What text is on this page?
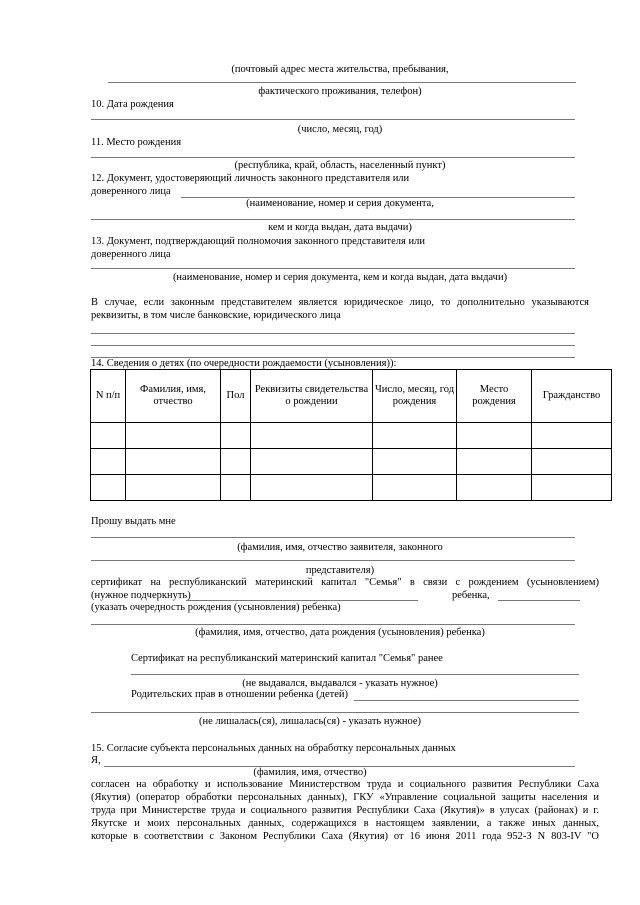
(почтовый адрес места жительства, пребывания,
фактического проживания, телефон)
10. Дата рождения
(число, месяц, год)
11. Место рождения
(республика, край, область, населенный пункт)
12. Документ, удостоверяющий личность законного представителя или
доверенного лица
(наименование, номер и серия документа,
кем и когда выдан, дата выдачи)
13. Документ, подтверждающий полномочия законного представителя или
доверенного лица
(наименование, номер и серия документа, кем и когда выдан, дата выдачи)
В случае, если законным представителем является юридическое лицо, то дополнительно указываются
реквизиты, в том числе банковские, юридического лица
14. Сведения о детях (по очередности рождаемости (усыновления)):
N п/п	Фамилия, имя, отчество	Пол	Реквизиты свидетельства о рождении	Число, месяц, год рождения	Место рождения	Гражданство

Прошу выдать мне
(фамилия, имя, отчество заявителя, законного
представителя)
сертификат на республиканский материнский капитал "Семья" в связи с рождением (усыновлением)
(нужное подчеркнуть)	ребенка,
(указать очередность рождения (усыновления) ребенка)
(фамилия, имя, отчество, дата рождения (усыновления) ребенка)
Сертификат на республиканский материнский капитал "Семья" ранее
(не выдавался, выдавался - указать нужное)
Родительских прав в отношении ребенка (детей)
(не лишалась(ся), лишалась(ся) - указать нужное)
15. Согласие субъекта персональных данных на обработку персональных данных
Я,
(фамилия, имя, отчество)
согласен на обработку и использование Министерством труда и социального развития Республики Саха
(Якутия) (оператор обработки персональных данных), ГКУ «Управление социальной защиты населения и
труда при Министерстве труда и социального развития Республики Саха (Якутия)» в улусах (районах) и г.
Якутске и моих персональных данных, содержащихся в настоящем заявлении, а также иных данных,
которые в соответствии с Законом Республики Саха (Якутия) от 16 июня 2011 года 952-З N 803-IV "О
